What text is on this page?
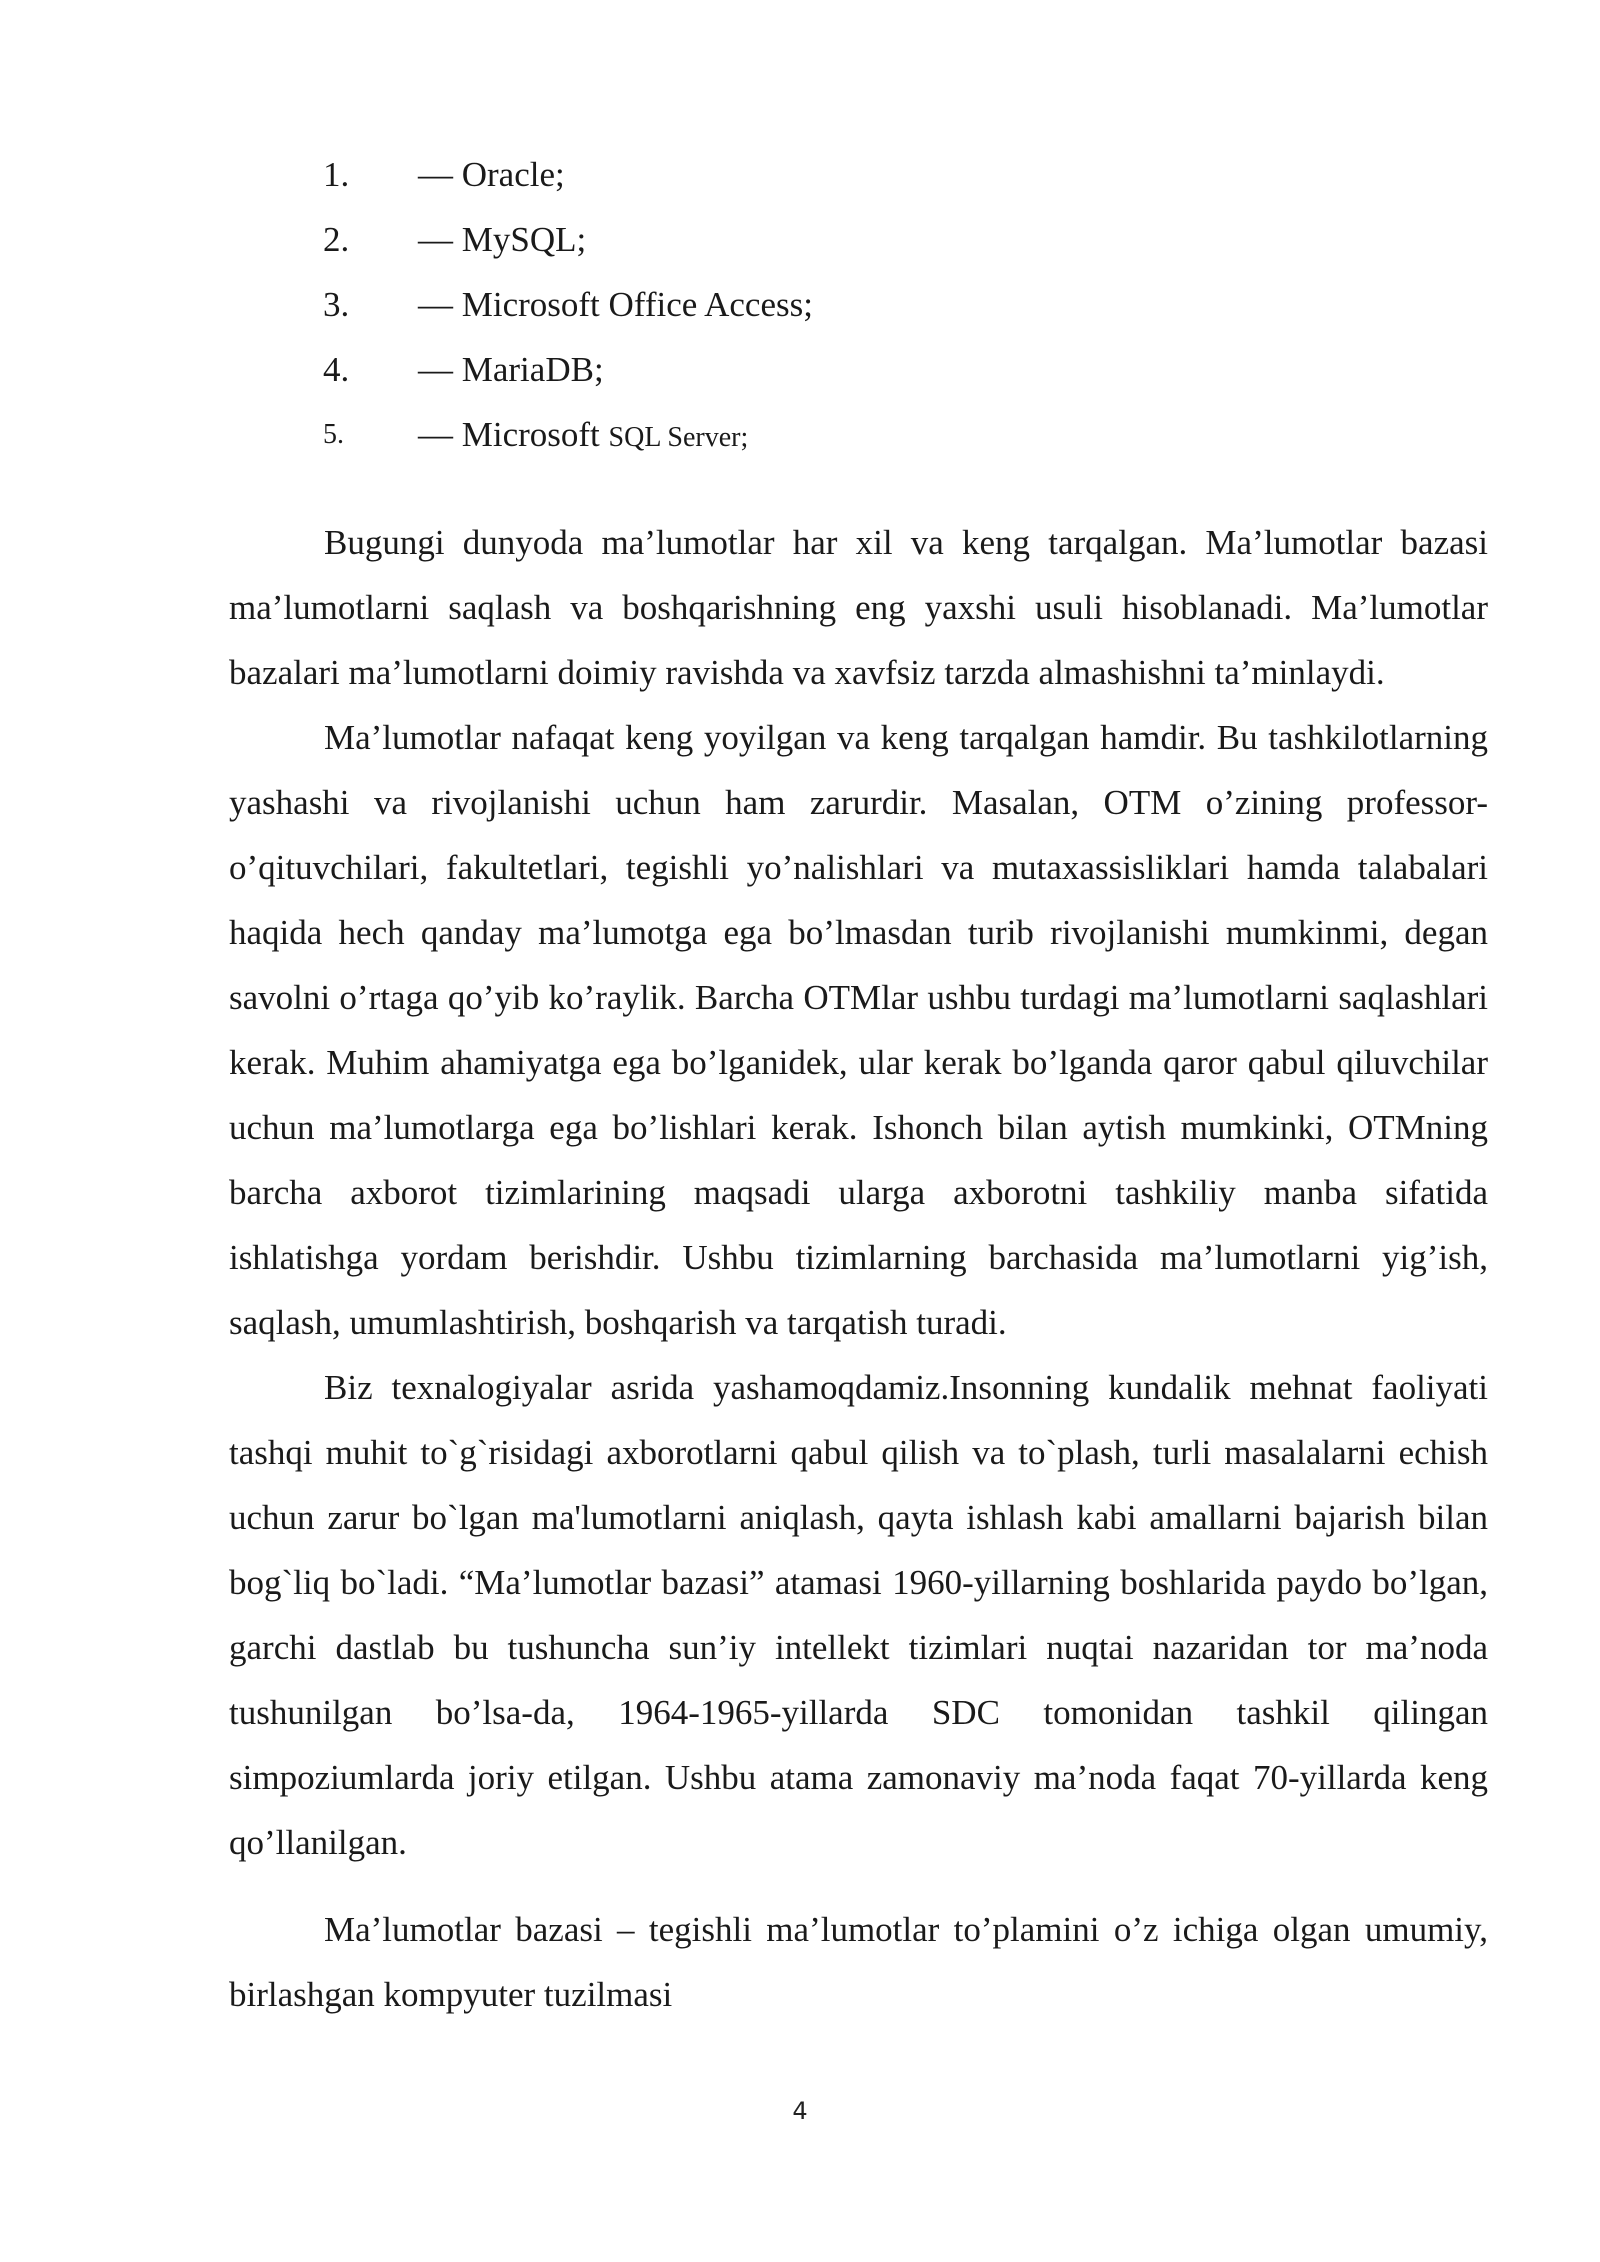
1.	— Oracle;
2.	— MySQL;
3.	— Microsoft Office Access;
4.	— MariaDB;
5.	— Microsoft SQL Server;

Bugungi dunyoda ma’lumotlar har xil va keng tarqalgan. Ma’lumotlar bazasi ma’lumotlarni saqlash va boshqarishning eng yaxshi usuli hisoblanadi. Ma’lumotlar bazalari ma’lumotlarni doimiy ravishda va xavfsiz tarzda almashishni ta’minlaydi.

Ma’lumotlar nafaqat keng yoyilgan va keng tarqalgan hamdir. Bu tashkilotlarning yashashi va rivojlanishi uchun ham zarurdir. Masalan, OTM o’zining professor-o’qituvchilari, fakultetlari, tegishli yo’nalishlari va mutaxassisliklari hamda talabalari haqida hech qanday ma’lumotga ega bo’lmasdan turib rivojlanishi mumkinmi, degan savolni o’rtaga qo’yib ko’raylik. Barcha OTMlar ushbu turdagi ma’lumotlarni saqlashlari kerak. Muhim ahamiyatga ega bo’lganidek, ular kerak bo’lganda qaror qabul qiluvchilar uchun ma’lumotlarga ega bo’lishlari kerak. Ishonch bilan aytish mumkinki, OTMning barcha axborot tizimlarining maqsadi ularga axborotni tashkiliy manba sifatida ishlatishga yordam berishdir. Ushbu tizimlarning barchasida ma’lumotlarni yig’ish, saqlash, umumlashtirish, boshqarish va tarqatish turadi.

Biz texnalogiyalar asrida yashamoqdamiz.Insonning kundalik mehnat faoliyati tashqi muhit to`g`risidagi axborotlarni qabul qilish va to`plash, turli masalalarni echish uchun zarur bo`lgan ma'lumotlarni aniqlash, qayta ishlash kabi amallarni bajarish bilan bog`liq bo`ladi. “Ma’lumotlar bazasi” atamasi 1960-yillarning boshlarida paydo bo’lgan, garchi dastlab bu tushuncha sun’iy intellekt tizimlari nuqtai nazaridan tor ma’noda tushunilgan bo’lsa-da, 1964-1965-yillarda SDC tomonidan tashkil qilingan simpoziumlarda joriy etilgan. Ushbu atama zamonaviy ma’noda faqat 70-yillarda keng qo’llanilgan.

Ma’lumotlar bazasi – tegishli ma’lumotlar to’plamini o’z ichiga olgan umumiy, birlashgan kompyuter tuzilmasi

4
